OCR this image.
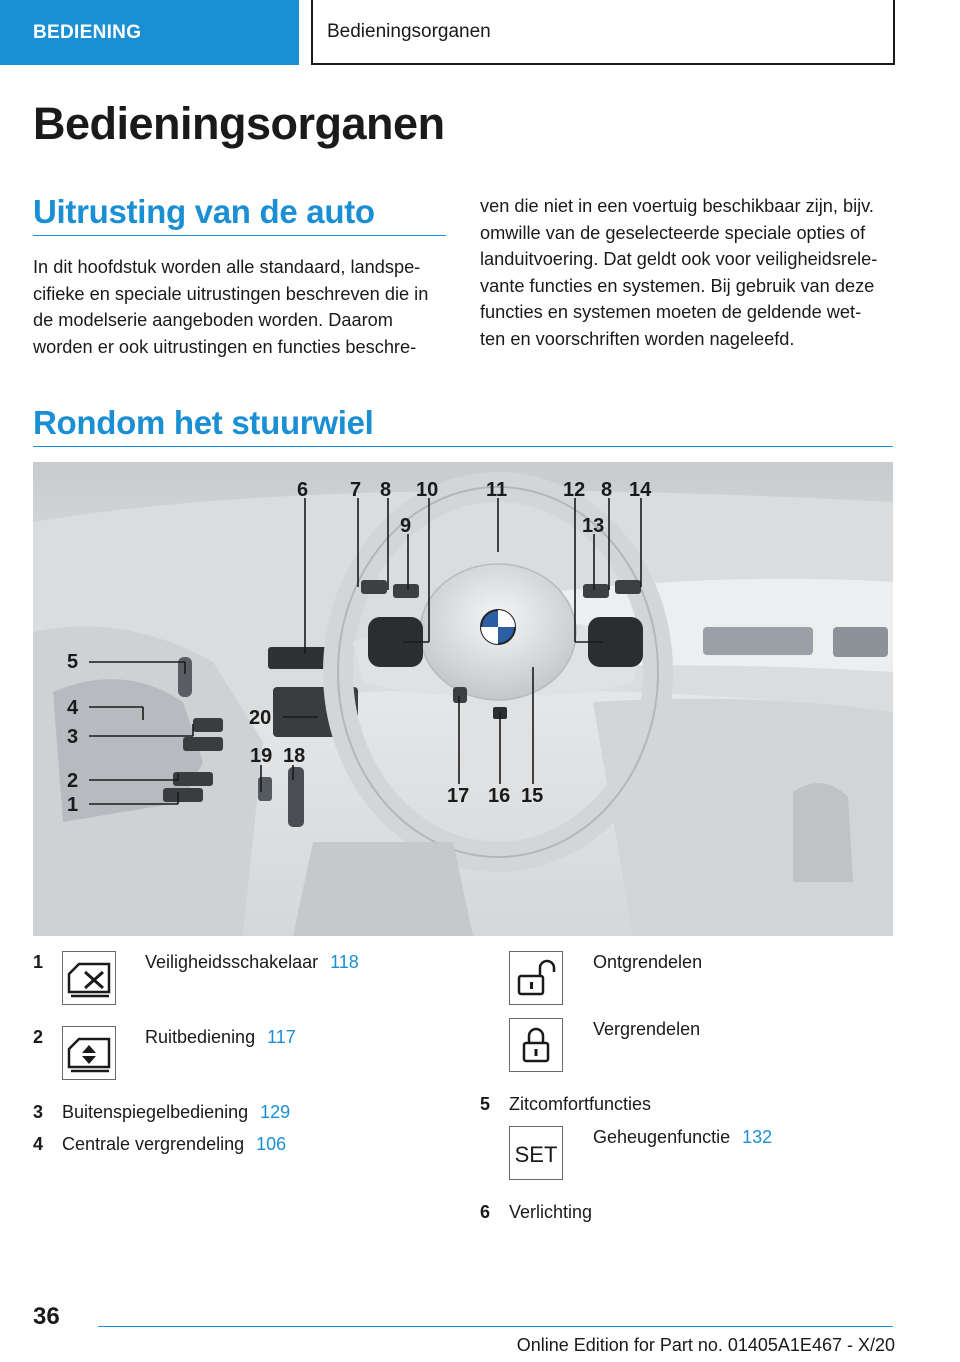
BEDIENING	Bedieningsorganen
Bedieningsorganen
Uitrusting van de auto

In dit hoofdstuk worden alle standaard, landspe-
cifieke en speciale uitrustingen beschreven die in
de modelserie aangeboden worden. Daarom
worden er ook uitrustingen en functies beschre-

ven die niet in een voertuig beschikbaar zijn, bijv.
omwille van de geselecteerde speciale opties of
landuitvoering. Dat geldt ook voor veiligheidsrele-
vante functies en systemen. Bij gebruik van deze
functies en systemen moeten de geldende wet-
ten en voorschriften worden nageleefd.

Rondom het stuurwiel
5
4
3
2
1
6 7 8
9
10 11	12 8
13
14
15
16
17
18
19
20
1	Veiligheidsschakelaar 118
2	Ruitbediening 117
3 Buitenspiegelbediening 129
4 Centrale vergrendeling 106
Ontgrendelen
Vergrendelen
5 Zitcomfortfuncties
SET
Geheugenfunctie 132
6 Verlichting
36
Online Edition for Part no. 01405A1E467 - X/20
